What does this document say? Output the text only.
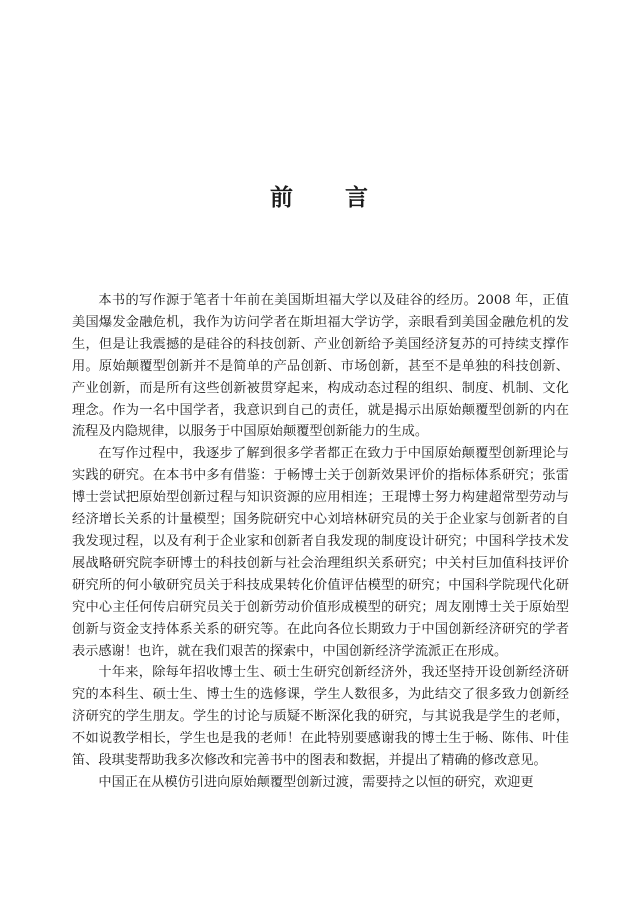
前言

本书的写作源于笔者十年前在美国斯坦福大学以及硅谷的经历。2008 年，正值美国爆发金融危机，我作为访问学者在斯坦福大学访学，亲眼看到美国金融危机的发生，但是让我震撼的是硅谷的科技创新、产业创新给予美国经济复苏的可持续支撑作用。原始颠覆型创新并不是简单的产品创新、市场创新，甚至不是单独的科技创新、产业创新，而是所有这些创新被贯穿起来，构成动态过程的组织、制度、机制、文化理念。作为一名中国学者，我意识到自己的责任，就是揭示出原始颠覆型创新的内在流程及内隐规律，以服务于中国原始颠覆型创新能力的生成。

在写作过程中，我逐步了解到很多学者都正在致力于中国原始颠覆型创新理论与实践的研究。在本书中多有借鉴：于畅博士关于创新效果评价的指标体系研究；张雷博士尝试把原始型创新过程与知识资源的应用相连；王琨博士努力构建超常型劳动与经济增长关系的计量模型；国务院研究中心刘培林研究员的关于企业家与创新者的自我发现过程，以及有利于企业家和创新者自我发现的制度设计研究；中国科学技术发展战略研究院李研博士的科技创新与社会治理组织关系研究；中关村巨加值科技评价研究所的何小敏研究员关于科技成果转化价值评估模型的研究；中国科学院现代化研究中心主任何传启研究员关于创新劳动价值形成模型的研究；周友刚博士关于原始型创新与资金支持体系关系的研究等。在此向各位长期致力于中国创新经济研究的学者表示感谢！也许，就在我们艰苦的探索中，中国创新经济学流派正在形成。

十年来，除每年招收博士生、硕士生研究创新经济外，我还坚持开设创新经济研究的本科生、硕士生、博士生的选修课，学生人数很多，为此结交了很多致力创新经济研究的学生朋友。学生的讨论与质疑不断深化我的研究，与其说我是学生的老师，不如说教学相长，学生也是我的老师！在此特别要感谢我的博士生于畅、陈伟、叶佳笛、段琪斐帮助我多次修改和完善书中的图表和数据，并提出了精确的修改意见。

中国正在从模仿引进向原始颠覆型创新过渡，需要持之以恒的研究，欢迎更
